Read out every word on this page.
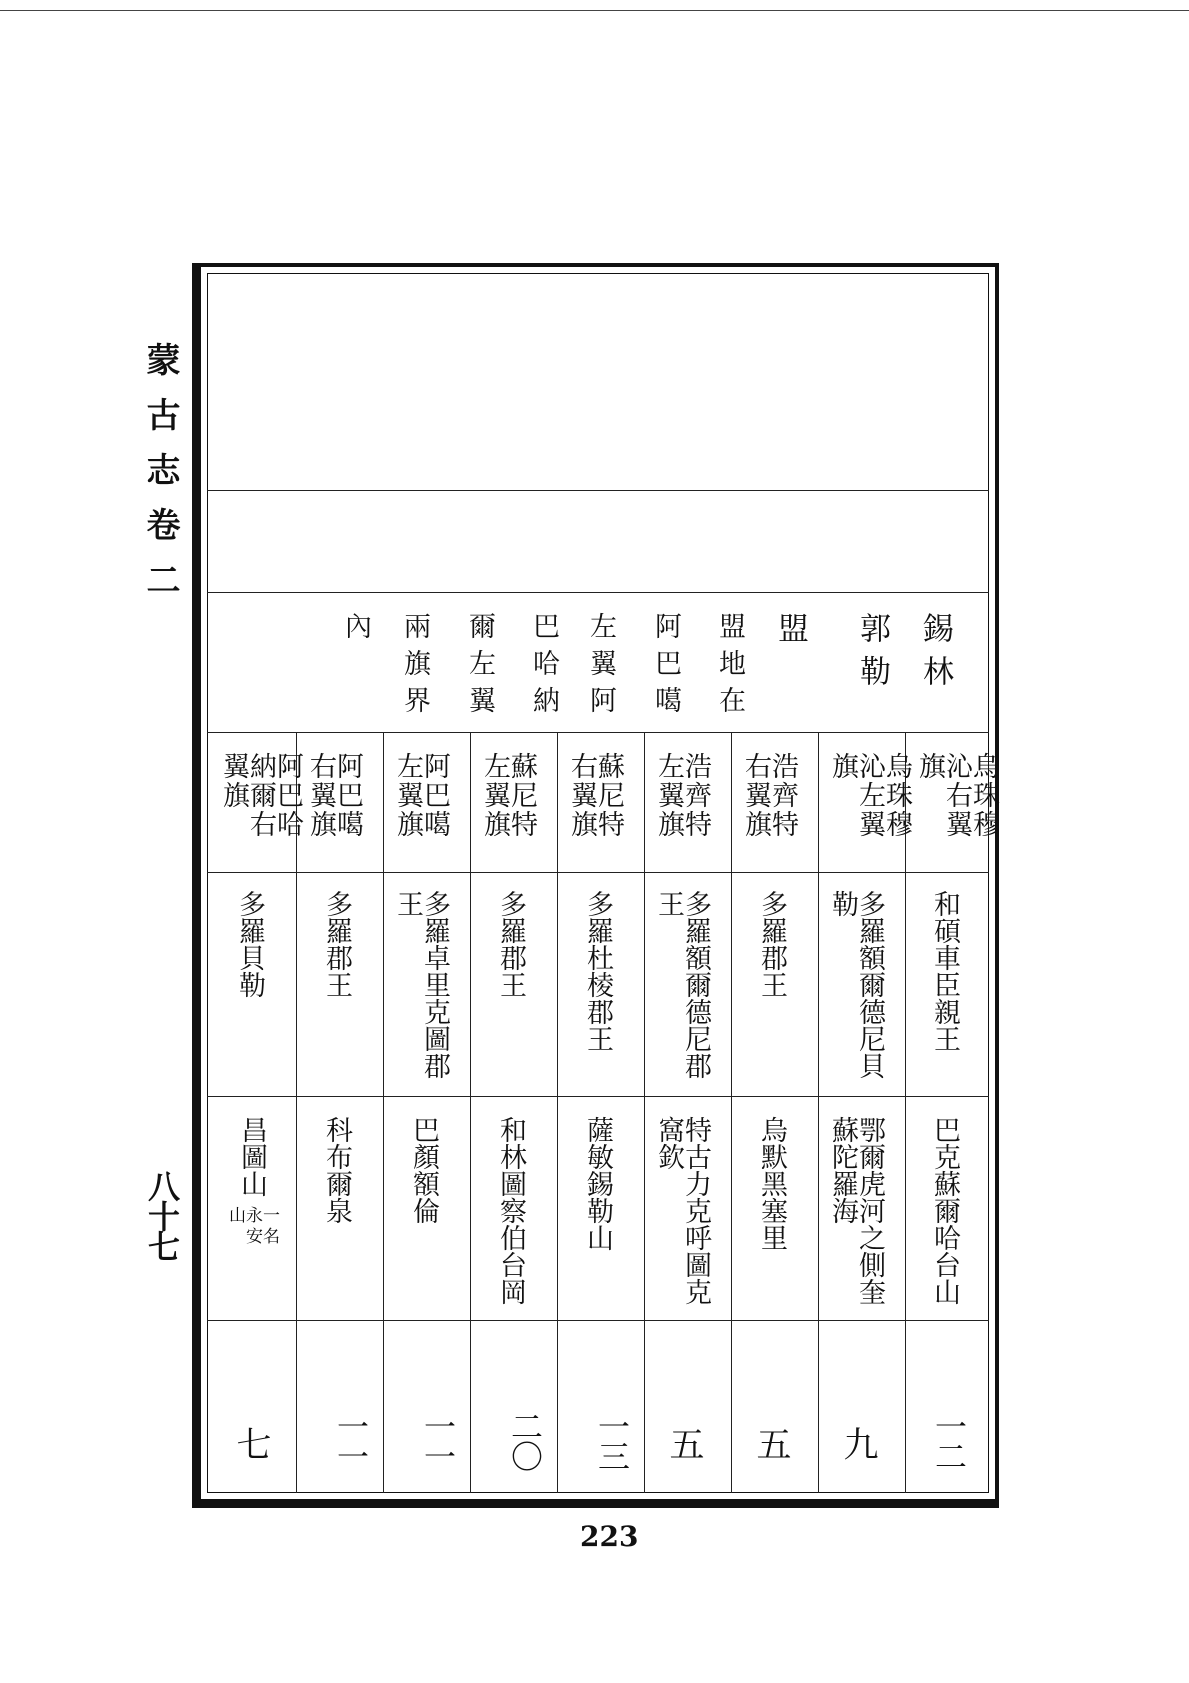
蒙古志卷二
八十七
錫林
郭勒
盟
盟地在
阿巴噶
左翼阿
巴哈納
爾左翼
兩旗界
內
烏珠穆沁右翼旗
和碩車臣親王
巴克蘇爾哈台山
一二
烏珠穆沁左翼旗
多羅額爾德尼貝勒
鄂爾虎河之側奎蘇陀羅海
九
浩齊特右翼旗
多羅郡王
烏默黑塞里
五
浩齊特左翼旗
多羅額爾德尼郡王
特古力克呼圖克窩欽
五
蘇尼特右翼旗
多羅杜棱郡王
薩敏錫勒山
一三
蘇尼特左翼旗
多羅郡王
和林圖察伯台岡
二〇
阿巴噶左翼旗
多羅卓里克圖郡王
巴顏額倫
一一
阿巴噶右翼旗
多羅郡王
科布爾泉
一一
阿巴哈納爾右翼旗
多羅貝勒
昌圖山
一名永安山
七
223
